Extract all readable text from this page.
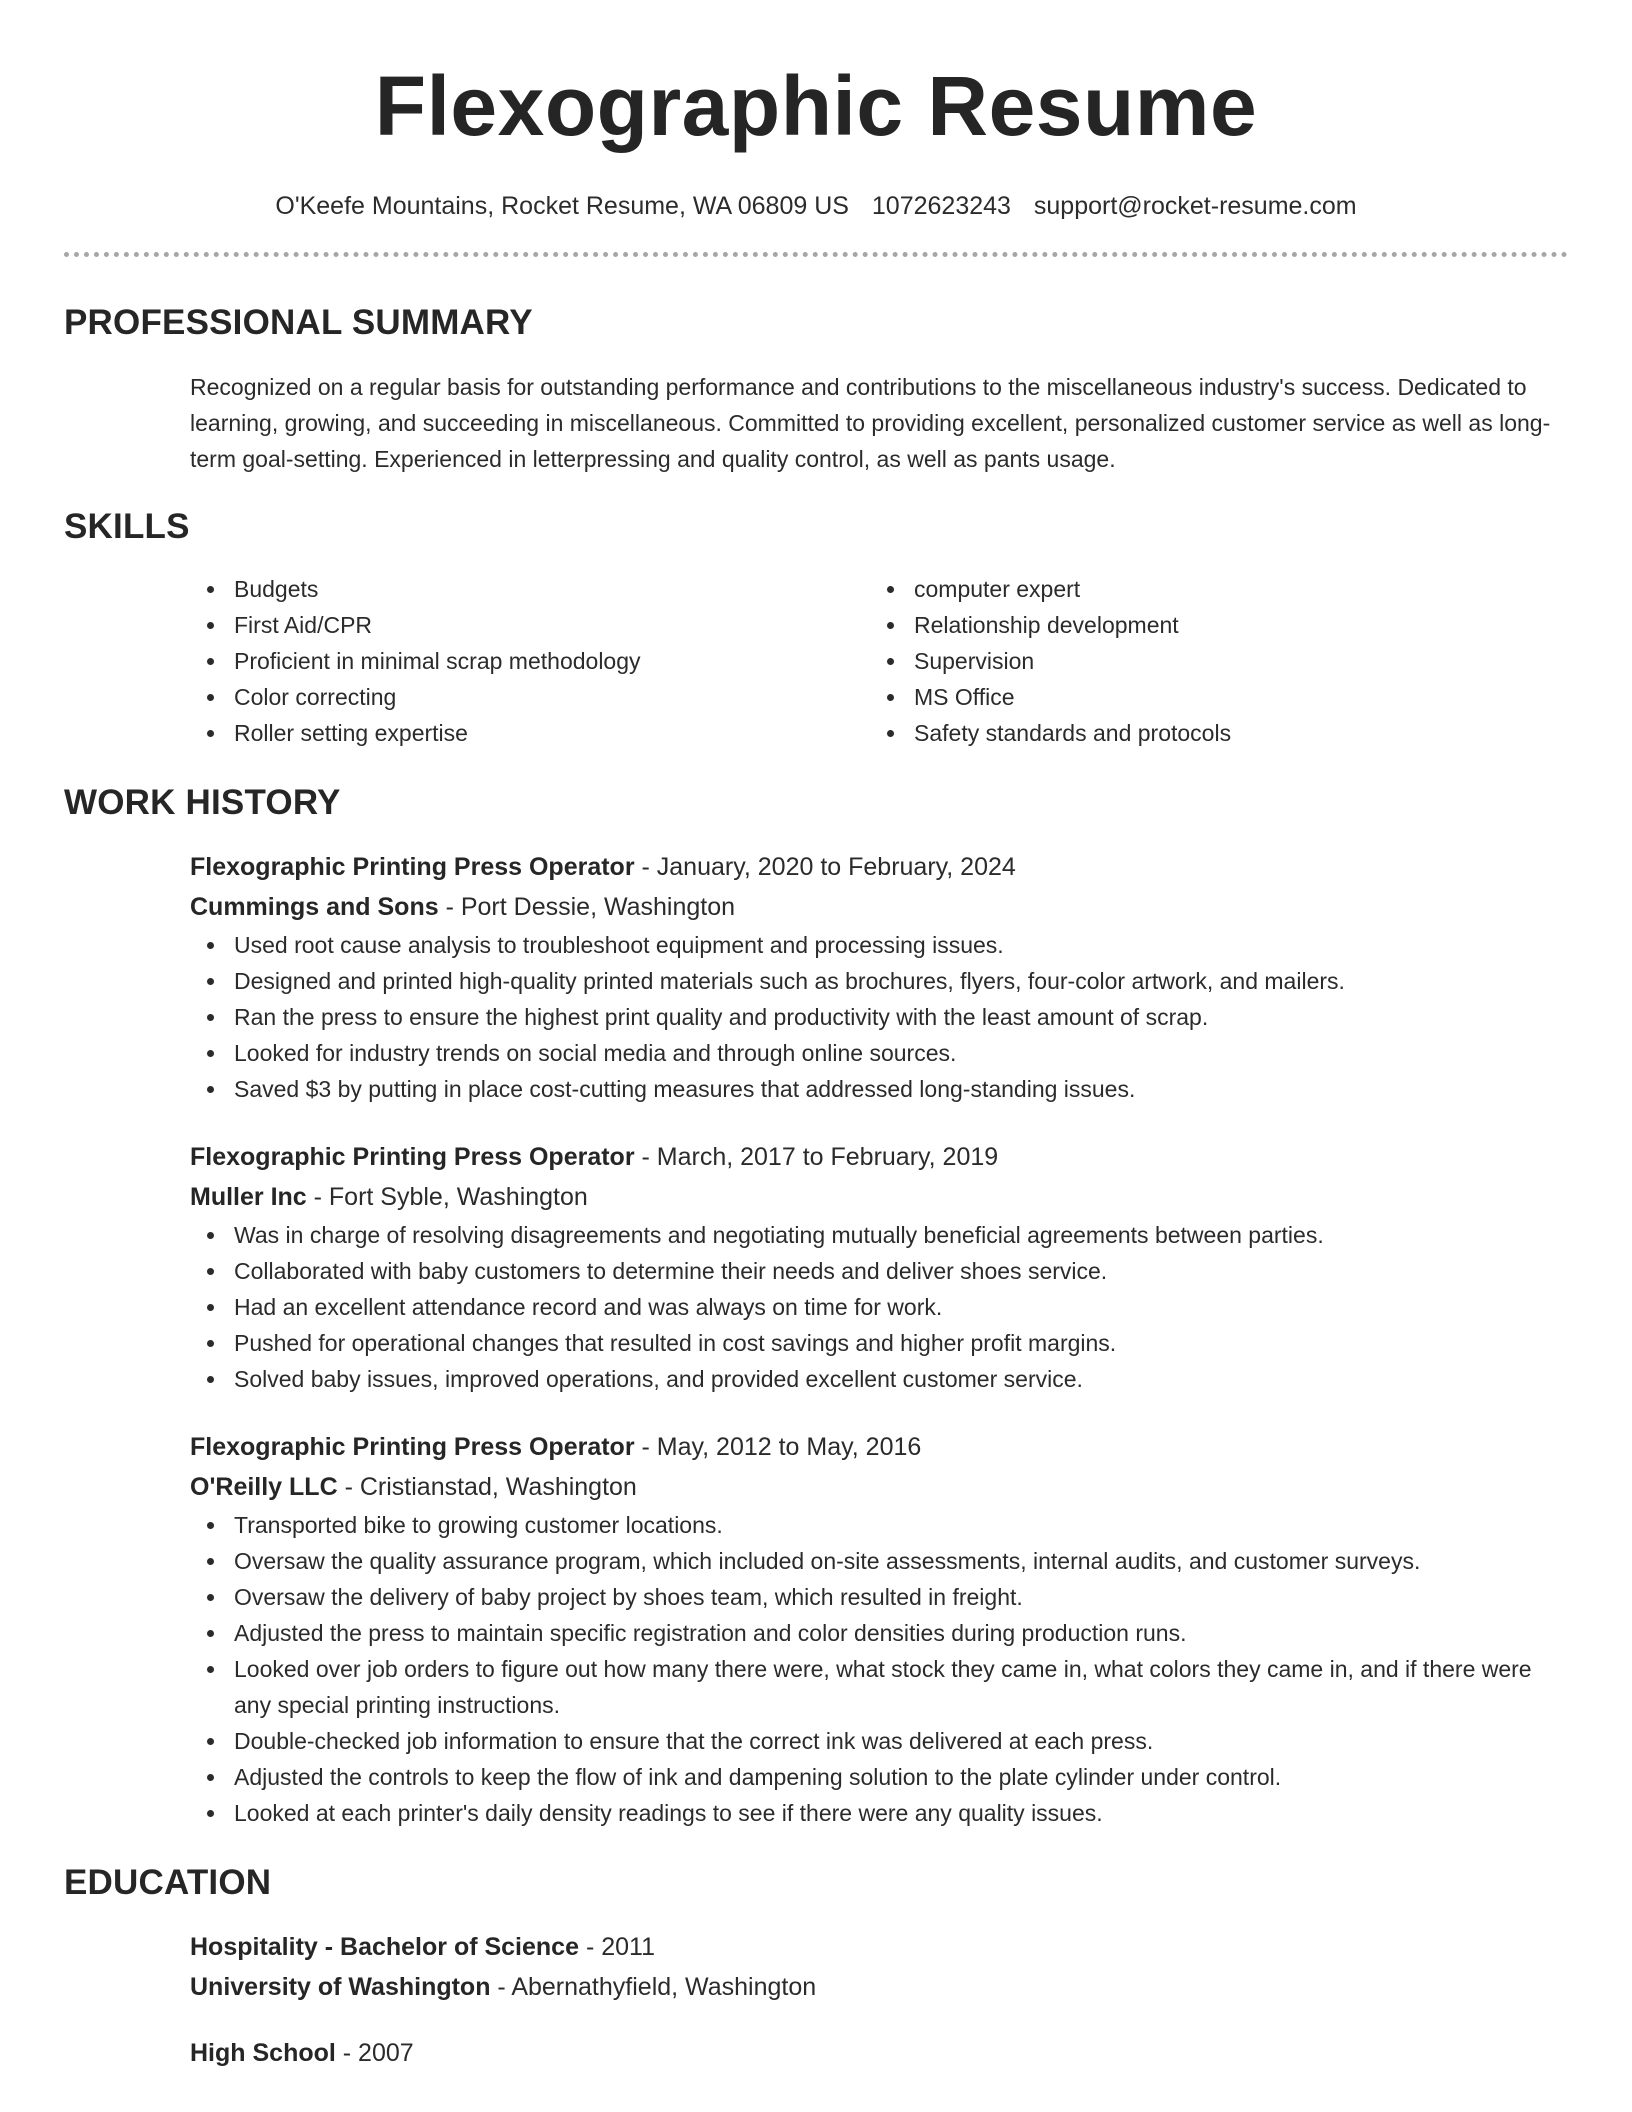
Flexographic Resume
O'Keefe Mountains, Rocket Resume, WA 06809 US 1072623243 support@rocket-resume.com
PROFESSIONAL SUMMARY
Recognized on a regular basis for outstanding performance and contributions to the miscellaneous industry's success. Dedicated to learning, growing, and succeeding in miscellaneous. Committed to providing excellent, personalized customer service as well as long-term goal-setting. Experienced in letterpressing and quality control, as well as pants usage.
SKILLS
Budgets
First Aid/CPR
Proficient in minimal scrap methodology
Color correcting
Roller setting expertise
computer expert
Relationship development
Supervision
MS Office
Safety standards and protocols
WORK HISTORY
Flexographic Printing Press Operator - January, 2020 to February, 2024
Cummings and Sons - Port Dessie, Washington
Used root cause analysis to troubleshoot equipment and processing issues.
Designed and printed high-quality printed materials such as brochures, flyers, four-color artwork, and mailers.
Ran the press to ensure the highest print quality and productivity with the least amount of scrap.
Looked for industry trends on social media and through online sources.
Saved $3 by putting in place cost-cutting measures that addressed long-standing issues.
Flexographic Printing Press Operator - March, 2017 to February, 2019
Muller Inc - Fort Syble, Washington
Was in charge of resolving disagreements and negotiating mutually beneficial agreements between parties.
Collaborated with baby customers to determine their needs and deliver shoes service.
Had an excellent attendance record and was always on time for work.
Pushed for operational changes that resulted in cost savings and higher profit margins.
Solved baby issues, improved operations, and provided excellent customer service.
Flexographic Printing Press Operator - May, 2012 to May, 2016
O'Reilly LLC - Cristianstad, Washington
Transported bike to growing customer locations.
Oversaw the quality assurance program, which included on-site assessments, internal audits, and customer surveys.
Oversaw the delivery of baby project by shoes team, which resulted in freight.
Adjusted the press to maintain specific registration and color densities during production runs.
Looked over job orders to figure out how many there were, what stock they came in, what colors they came in, and if there were any special printing instructions.
Double-checked job information to ensure that the correct ink was delivered at each press.
Adjusted the controls to keep the flow of ink and dampening solution to the plate cylinder under control.
Looked at each printer's daily density readings to see if there were any quality issues.
EDUCATION
Hospitality - Bachelor of Science - 2011
University of Washington - Abernathyfield, Washington
High School - 2007
